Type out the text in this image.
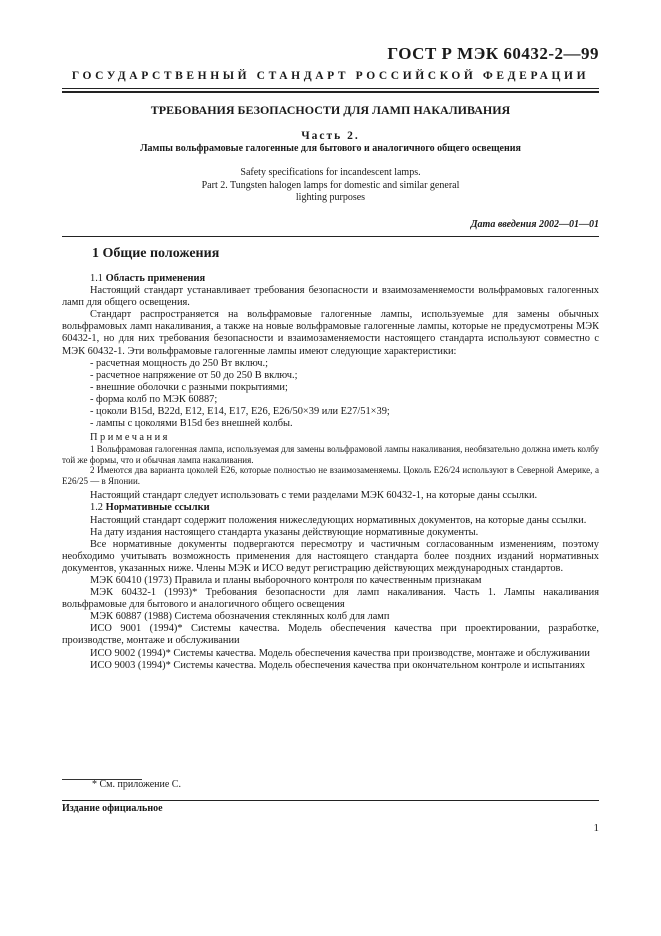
ГОСТ Р МЭК 60432-2—99
ГОСУДАРСТВЕННЫЙ СТАНДАРТ РОССИЙСКОЙ ФЕДЕРАЦИИ
ТРЕБОВАНИЯ БЕЗОПАСНОСТИ ДЛЯ ЛАМП НАКАЛИВАНИЯ
Часть 2.
Лампы вольфрамовые галогенные для бытового и аналогичного общего освещения
Safety specifications for incandescent lamps.
Part 2. Tungsten halogen lamps for domestic and similar general
lighting purposes
Дата введения 2002—01—01
1 Общие положения

1.1 Область применения

Настоящий стандарт устанавливает требования безопасности и взаимозаменяемости вольфрамовых галогенных ламп для общего освещения.

Стандарт распространяется на вольфрамовые галогенные лампы, используемые для замены обычных вольфрамовых ламп накаливания, а также на новые вольфрамовые галогенные лампы, которые не предусмотрены МЭК 60432-1, но для них требования безопасности и взаимозаменяемости настоящего стандарта используют совместно с МЭК 60432-1. Эти вольфрамовые галогенные лампы имеют следующие характеристики:

- расчетная мощность до 250 Вт включ.;

- расчетное напряжение от 50 до 250 В включ.;

- внешние оболочки с разными покрытиями;

- форма колб по МЭК 60887;

- цоколи B15d, B22d, E12, E14, E17, E26, E26/50×39 или E27/51×39;

- лампы с цоколями B15d без внешней колбы.

Примечания

1 Вольфрамовая галогенная лампа, используемая для замены вольфрамовой лампы накаливания, необязательно должна иметь колбу той же формы, что и обычная лампа накаливания.

2 Имеются два варианта цоколей E26, которые полностью не взаимозаменяемы. Цоколь E26/24 используют в Северной Америке, а E26/25 — в Японии.

Настоящий стандарт следует использовать с теми разделами МЭК 60432-1, на которые даны ссылки.

1.2 Нормативные ссылки

Настоящий стандарт содержит положения нижеследующих нормативных документов, на которые даны ссылки.

На дату издания настоящего стандарта указаны действующие нормативные документы.

Все нормативные документы подвергаются пересмотру и частичным согласованным изменениям, поэтому необходимо учитывать возможность применения для настоящего стандарта более поздних изданий нормативных документов, указанных ниже. Члены МЭК и ИСО ведут регистрацию действующих международных стандартов.

МЭК 60410 (1973) Правила и планы выборочного контроля по качественным признакам

МЭК 60432-1 (1993)* Требования безопасности для ламп накаливания. Часть 1. Лампы накаливания вольфрамовые для бытового и аналогичного общего освещения

МЭК 60887 (1988) Система обозначения стеклянных колб для ламп

ИСО 9001 (1994)* Системы качества. Модель обеспечения качества при проектировании, разработке, производстве, монтаже и обслуживании

ИСО 9002 (1994)* Системы качества. Модель обеспечения качества при производстве, монтаже и обслуживании

ИСО 9003 (1994)* Системы качества. Модель обеспечения качества при окончательном контроле и испытаниях

* См. приложение С.
Издание официальное
1
